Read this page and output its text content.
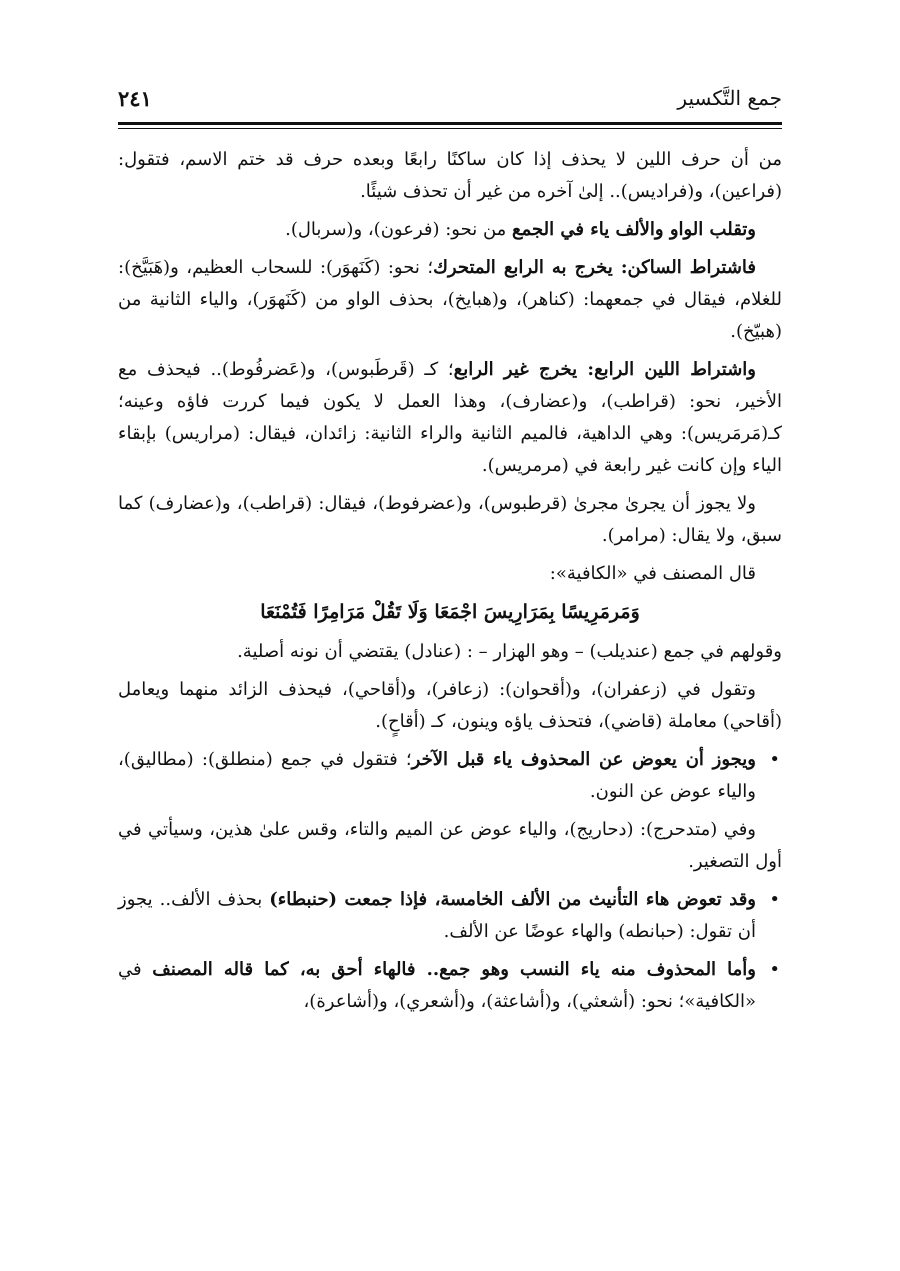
جمع التَّكسير
٢٤١

من أن حرف اللين لا يحذف إذا كان ساكنًا رابعًا وبعده حرف قد ختم الاسم، فتقول: (فراعين)، و(فراديس).. إلىٰ آخره من غير أن تحذف شيئًا.

وتقلب الواو والألف ياء في الجمع من نحو: (فرعون)، و(سربال).

فاشتراط الساكن: يخرج به الرابع المتحرك؛ نحو: (كَنَهوَر): للسحاب العظيم، و(هَبَيَّخ): للغلام، فيقال في جمعهما: (كناهر)، و(هبايخ)، بحذف الواو من (كَنَهوَر)، والياء الثانية من (هبيّخ).

واشتراط اللين الرابع: يخرج غير الرابع؛ كـ (قَرطَبوس)، و(عَضرفُوط).. فيحذف مع الأخير، نحو: (قراطب)، و(عضارف)، وهذا العمل لا يكون فيما كررت فاؤه وعينه؛ كـ(مَرمَريس): وهي الداهية، فالميم الثانية والراء الثانية: زائدان، فيقال: (مراريس) بإبقاء الياء وإن كانت غير رابعة في (مرمريس).

ولا يجوز أن يجرىٰ مجرىٰ (قرطبوس)، و(عضرفوط)، فيقال: (قراطب)، و(عضارف) كما سبق، ولا يقال: (مرامر).

قال المصنف في «الكافية»:

وَمَرمَرِيسًا بِمَرَارِيسَ اجْمَعَا وَلَا تَقُلْ مَرَامِرًا فَتُمْنَعَا

وقولهم في جمع (عنديلب) – وهو الهزار – : (عنادل) يقتضي أن نونه أصلية.

وتقول في (زعفران)، و(أقحوان): (زعافر)، و(أقاحي)، فيحذف الزائد منهما ويعامل (أقاحي) معاملة (قاضي)، فتحذف ياؤه وينون، كـ (أقاحٍ).

•
ويجوز أن يعوض عن المحذوف ياء قبل الآخر؛ فتقول في جمع (منطلق): (مطاليق)، والياء عوض عن النون.

وفي (متدحرج): (دحاريج)، والياء عوض عن الميم والتاء، وقس علىٰ هذين، وسيأتي في أول التصغير.

•
وقد تعوض هاء التأنيث من الألف الخامسة، فإذا جمعت (حنبطاء) بحذف الألف.. يجوز أن تقول: (حبانطه) والهاء عوضًا عن الألف.

•
وأما المحذوف منه ياء النسب وهو جمع.. فالهاء أحق به، كما قاله المصنف في «الكافية»؛ نحو: (أشعثي)، و(أشاعثة)، و(أشعري)، و(أشاعرة)،
